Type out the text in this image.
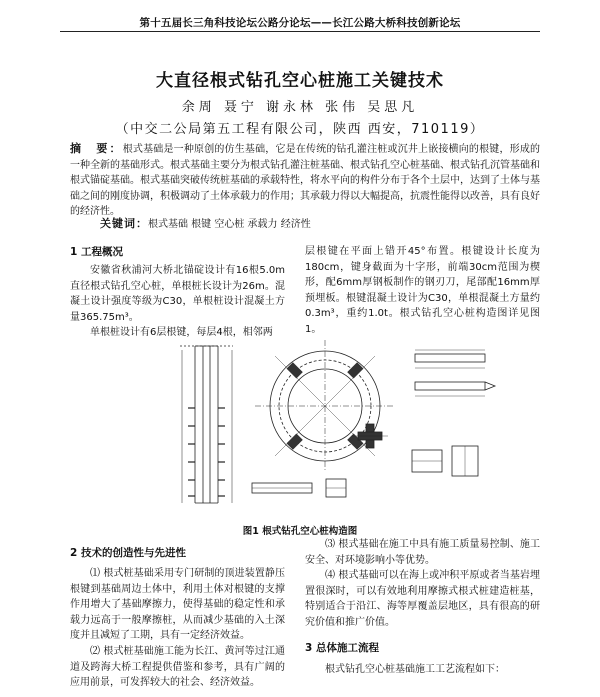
第十五届长三角科技论坛公路分论坛——长江公路大桥科技创新论坛
大直径根式钻孔空心桩施工关键技术
余周 聂宁 谢永林 张伟 吴思凡
（中交二公局第五工程有限公司，陕西 西安，710119）
摘　要：根式基础是一种原创的仿生基础，它是在传统的钻孔灌注桩或沉井上嵌接横向的根键，形成的一种全新的基础形式。根式基础主要分为根式钻孔灌注桩基础、根式钻孔空心桩基础、根式钻孔沉管基础和根式锚碇基础。根式基础突破传统桩基础的承载特性，将水平向的构件分布于各个土层中，达到了土体与基础之间的刚度协调，积极调动了土体承载力的作用；其承载力得以大幅提高，抗震性能得以改善，具有良好的经济性。
关键词：根式基础 根键 空心桩 承载力 经济性
1 工程概况
安徽省秋浦河大桥北锚碇设计有16根5.0m直径根式钻孔空心桩，单根桩长设计为26m。混凝土设计强度等级为C30，单根桩设计混凝土方量365.75m³。
单根桩设计有6层根键，每层4根，相邻两
层根键在平面上错开45°布置。根键设计长度为180cm，键身截面为十字形，前端30cm范围为楔形，配6mm厚钢板制作的钢刃刀，尾部配16mm厚预埋板。根键混凝土设计为C30，单根混凝土方量约0.3m³，重约1.0t。根式钻孔空心桩构造图详见图1。
图1 根式钻孔空心桩构造图
2 技术的创造性与先进性
⑴ 根式桩基础采用专门研制的顶进装置静压根键到基础周边土体中，利用土体对根键的支撑作用增大了基础摩擦力，使得基础的稳定性和承载力远高于一般摩擦桩，从而减少基础的入土深度并且减短了工期，具有一定经济效益。
⑵ 根式桩基础施工能为长江、黄河等过江通道及跨海大桥工程提供借鉴和参考，具有广阔的应用前景，可发挥较大的社会、经济效益。
⑶ 根式基础在施工中具有施工质量易控制、施工安全、对环境影响小等优势。
⑷ 根式基础可以在海上或冲积平原或者当基岩埋置很深时，可以有效地利用摩擦式根式桩建造桩基，特别适合于沿江、海等厚覆盖层地区，具有很高的研究价值和推广价值。
3 总体施工流程
根式钻孔空心桩基础施工工艺流程如下：
